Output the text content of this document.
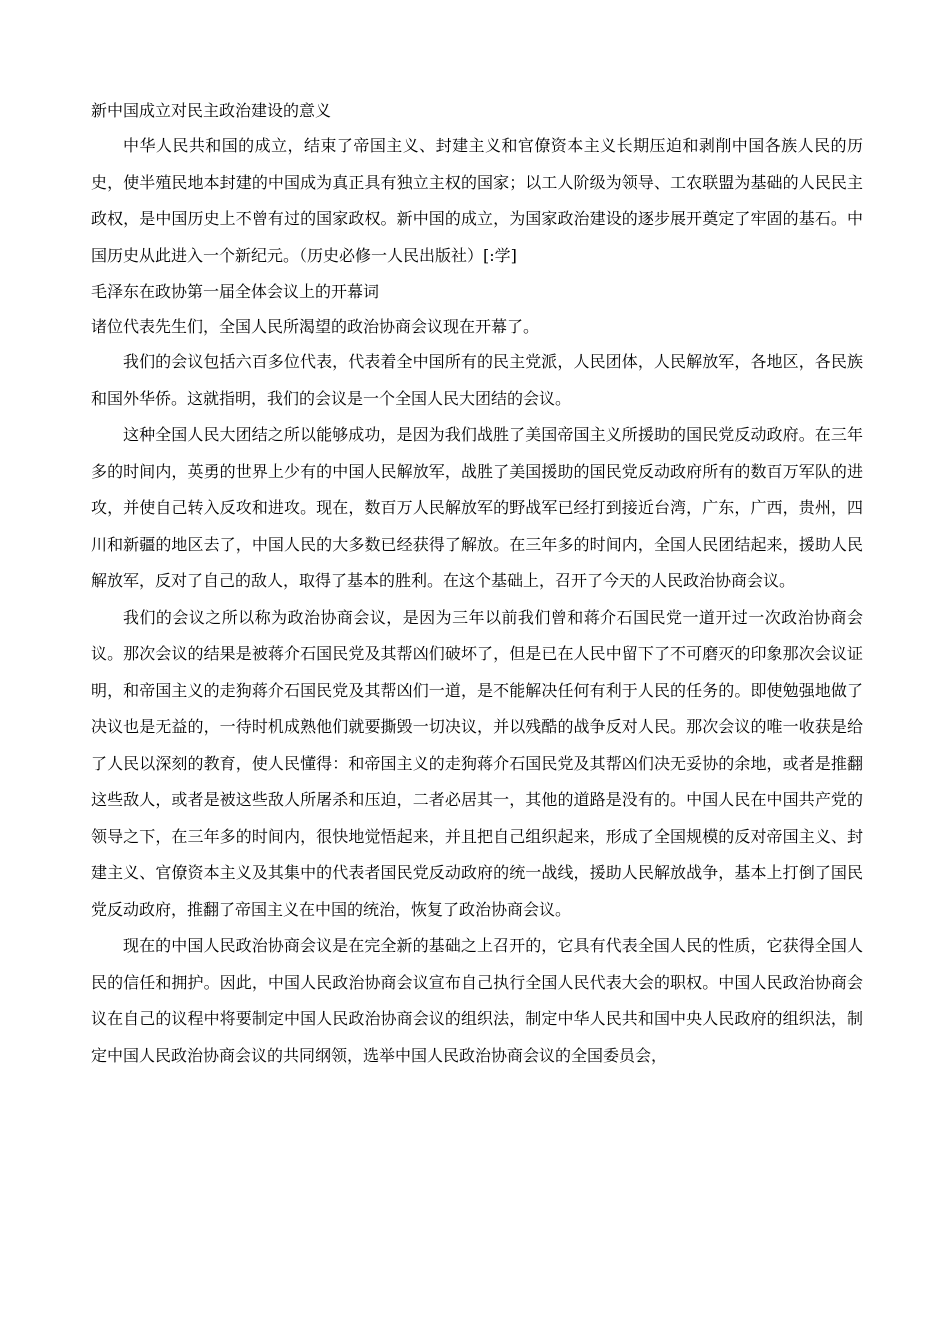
新中国成立对民主政治建设的意义

中华人民共和国的成立，结束了帝国主义、封建主义和官僚资本主义长期压迫和剥削中国各族人民的历史，使半殖民地本封建的中国成为真正具有独立主权的国家；以工人阶级为领导、工农联盟为基础的人民民主政权，是中国历史上不曾有过的国家政权。新中国的成立，为国家政治建设的逐步展开奠定了牢固的基石。中国历史从此进入一个新纪元。（历史必修一人民出版社）[:学]

毛泽东在政协第一届全体会议上的开幕词
诸位代表先生们，全国人民所渴望的政治协商会议现在开幕了。

我们的会议包括六百多位代表，代表着全中国所有的民主党派，人民团体，人民解放军，各地区，各民族和国外华侨。这就指明，我们的会议是一个全国人民大团结的会议。

这种全国人民大团结之所以能够成功，是因为我们战胜了美国帝国主义所援助的国民党反动政府。在三年多的时间内，英勇的世界上少有的中国人民解放军，战胜了美国援助的国民党反动政府所有的数百万军队的进攻，并使自己转入反攻和进攻。现在，数百万人民解放军的野战军已经打到接近台湾，广东，广西，贵州，四川和新疆的地区去了，中国人民的大多数已经获得了解放。在三年多的时间内，全国人民团结起来，援助人民解放军，反对了自己的敌人，取得了基本的胜利。在这个基础上，召开了今天的人民政治协商会议。

我们的会议之所以称为政治协商会议，是因为三年以前我们曾和蒋介石国民党一道开过一次政治协商会议。那次会议的结果是被蒋介石国民党及其帮凶们破坏了，但是已在人民中留下了不可磨灭的印象那次会议证明，和帝国主义的走狗蒋介石国民党及其帮凶们一道，是不能解决任何有利于人民的任务的。即使勉强地做了决议也是无益的，一待时机成熟他们就要撕毁一切决议，并以残酷的战争反对人民。那次会议的唯一收获是给了人民以深刻的教育，使人民懂得：和帝国主义的走狗蒋介石国民党及其帮凶们决无妥协的余地，或者是推翻这些敌人，或者是被这些敌人所屠杀和压迫，二者必居其一，其他的道路是没有的。中国人民在中国共产党的领导之下，在三年多的时间内，很快地觉悟起来，并且把自己组织起来，形成了全国规模的反对帝国主义、封建主义、官僚资本主义及其集中的代表者国民党反动政府的统一战线，援助人民解放战争，基本上打倒了国民党反动政府，推翻了帝国主义在中国的统治，恢复了政治协商会议。

现在的中国人民政治协商会议是在完全新的基础之上召开的，它具有代表全国人民的性质，它获得全国人民的信任和拥护。因此，中国人民政治协商会议宣布自己执行全国人民代表大会的职权。中国人民政治协商会议在自己的议程中将要制定中国人民政治协商会议的组织法，制定中华人民共和国中央人民政府的组织法，制定中国人民政治协商会议的共同纲领，选举中国人民政治协商会议的全国委员会，
